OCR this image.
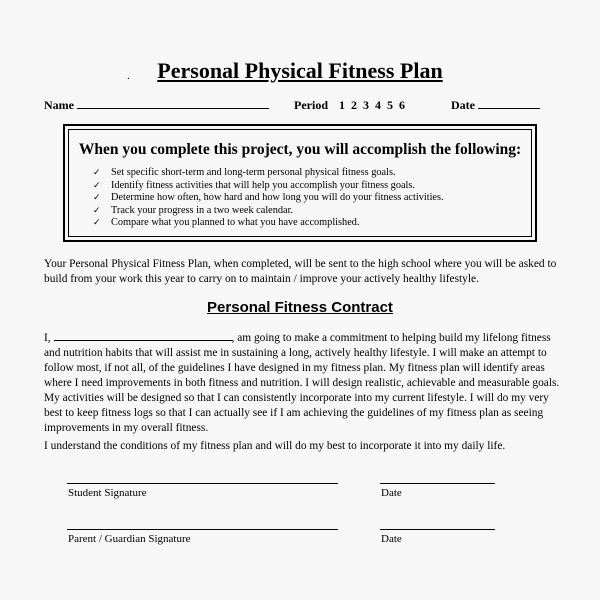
.	Personal Physical Fitness Plan
Name	Period 1  2  3  4  5  6	Date
When you complete this project, you will accomplish the following:
✓ Set specific short-term and long-term personal physical fitness goals.
✓ Identify fitness activities that will help you accomplish your fitness goals.
✓ Determine how often, how hard and how long you will do your fitness activities.
✓ Track your progress in a two week calendar.
✓ Compare what you planned to what you have accomplished.
Your Personal Physical Fitness Plan, when completed, will be sent to the high school where you will be asked to build from your work this year to carry on to maintain / improve your actively healthy lifestyle.
Personal Fitness Contract
I,	, am going to make a commitment to helping build my lifelong fitness and nutrition habits that will assist me in sustaining a long, actively healthy lifestyle. I will make an attempt to follow most, if not all, of the guidelines I have designed in my fitness plan. My fitness plan will identify areas where I need improvements in both fitness and nutrition. I will design realistic, achievable and measurable goals. My activities will be designed so that I can consistently incorporate into my current lifestyle. I will do my very best to keep fitness logs so that I can actually see if I am achieving the guidelines of my fitness plan as seeing improvements in my overall fitness.
I understand the conditions of my fitness plan and will do my best to incorporate it into my daily life.
Student Signature	Date
Parent / Guardian Signature	Date
